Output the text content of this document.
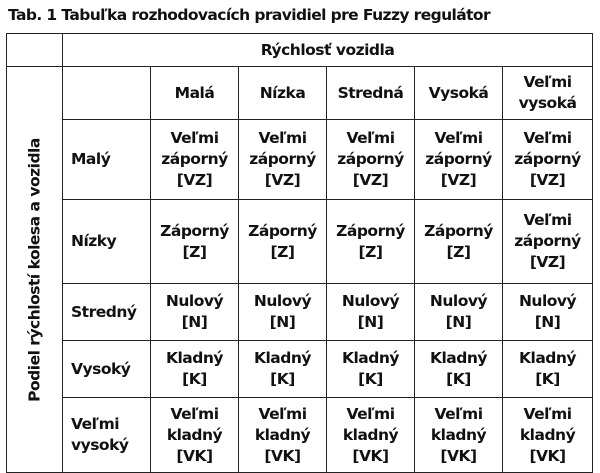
Tab. 1 Tabuľka rozhodovacích pravidiel pre Fuzzy regulátor
	Rýchlosť vozidla					

Podiel rýchlostí kolesa a vozidla		Malá	Nízka	Stredná	Vysoká	Veľmi
vysoká

	Malý	Veľmi
záporný
[VZ]	Veľmi
záporný
[VZ]	Veľmi
záporný
[VZ]	Veľmi
záporný
[VZ]	Veľmi
záporný
[VZ]

	Nízky	Záporný
[Z]	Záporný
[Z]	Záporný
[Z]	Záporný
[Z]	Veľmi
záporný
[VZ]

	Stredný	Nulový
[N]	Nulový
[N]	Nulový
[N]	Nulový
[N]	Nulový
[N]

	Vysoký	Kladný
[K]	Kladný
[K]	Kladný
[K]	Kladný
[K]	Kladný
[K]

	Veľmi
vysoký	Veľmi
kladný
[VK]	Veľmi
kladný
[VK]	Veľmi
kladný
[VK]	Veľmi
kladný
[VK]	Veľmi
kladný
[VK]
